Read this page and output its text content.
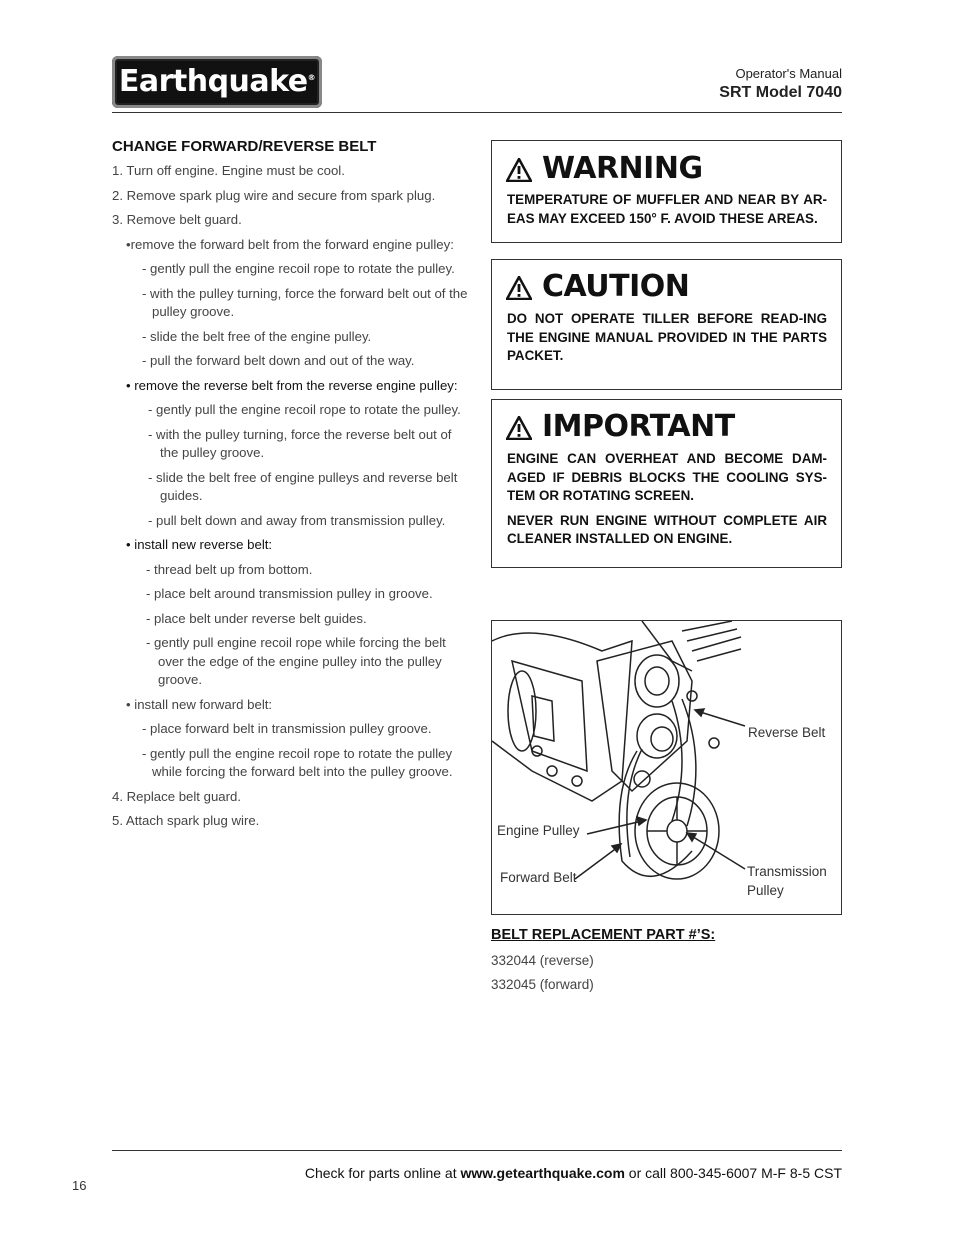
Earthquake®	Operator's Manual
SRT Model 7040
CHANGE FORWARD/REVERSE BELT

1. Turn off engine. Engine must be cool.

2. Remove spark plug wire and secure from spark plug.

3. Remove belt guard.

•remove the forward belt from the forward engine pulley:

- gently pull the engine recoil rope to rotate the pulley.

- with the pulley turning, force the forward belt out of the pulley groove.

- slide the belt free of the engine pulley.

- pull the forward belt down and out of the way.

• remove the reverse belt from the reverse engine pulley:

- gently pull the engine recoil rope to rotate the pulley.

- with the pulley turning, force the reverse belt out of the pulley groove.

- slide the belt free of engine pulleys and reverse belt guides.

- pull belt down and away from transmission pulley.

• install new reverse belt:

- thread belt up from bottom.

- place belt around transmission pulley in groove.

- place belt under reverse belt guides.

- gently pull engine recoil rope while forcing the belt over the edge of the engine pulley into the pulley groove.

• install new forward belt:

- place forward belt in transmission pulley groove.

- gently pull the engine recoil rope to rotate the pulley while forcing the forward belt into the pulley groove.

4. Replace belt guard.

5. Attach spark plug wire.

WARNING
TEMPERATURE OF MUFFLER AND NEAR BY AR-EAS MAY EXCEED 150° F. AVOID THESE AREAS.
CAUTION
DO NOT OPERATE TILLER BEFORE READ-ING THE ENGINE MANUAL PROVIDED IN THE PARTS PACKET.
IMPORTANT

ENGINE CAN OVERHEAT AND BECOME DAM-AGED IF DEBRIS BLOCKS THE COOLING SYS-TEM OR ROTATING SCREEN.

NEVER RUN ENGINE WITHOUT COMPLETE AIR CLEANER INSTALLED ON ENGINE.

Reverse Belt
Engine Pulley
Forward Belt	Transmission
Pulley
BELT REPLACEMENT PART #’S:
332044 (reverse)
332045 (forward)
Check for parts online at www.getearthquake.com or call 800-345-6007 M-F 8-5 CST
16
